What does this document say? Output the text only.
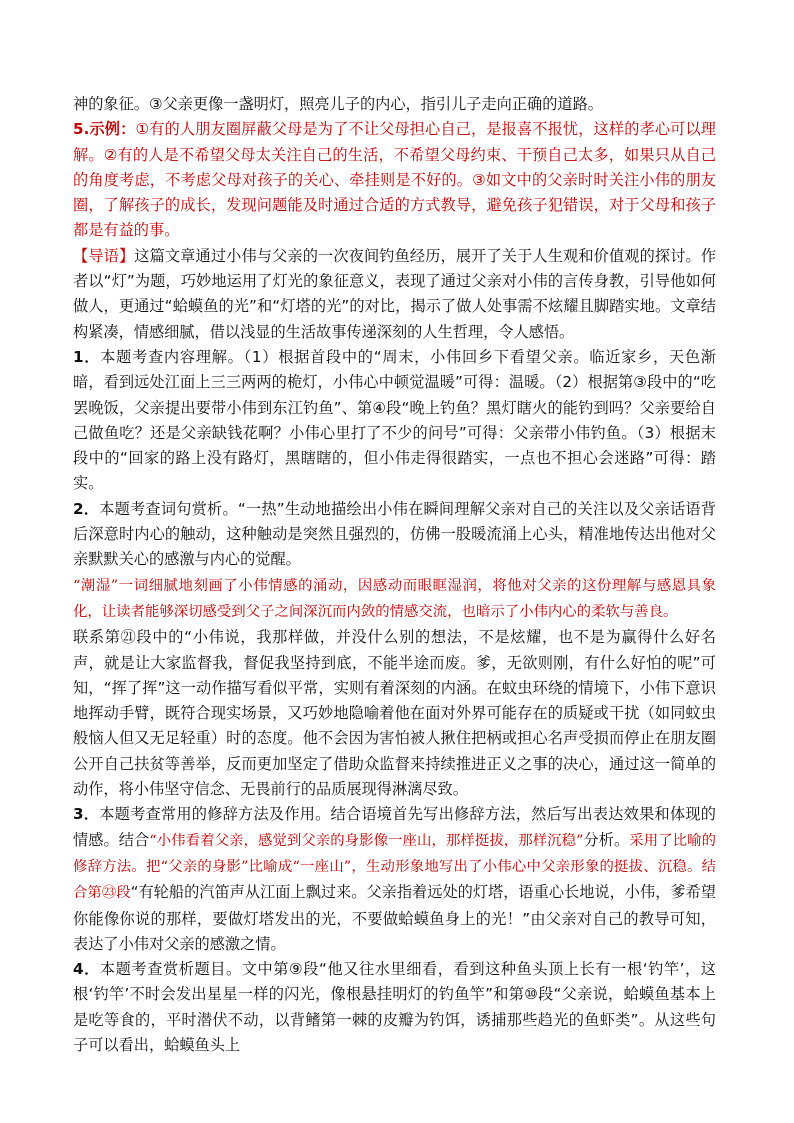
神的象征。③父亲更像一盏明灯，照亮儿子的内心，指引儿子走向正确的道路。

5.示例：①有的人朋友圈屏蔽父母是为了不让父母担心自己，是报喜不报忧，这样的孝心可以理解。②有的人是不希望父母太关注自己的生活，不希望父母约束、干预自己太多，如果只从自己的角度考虑，不考虑父母对孩子的关心、牵挂则是不好的。③如文中的父亲时时关注小伟的朋友圈，了解孩子的成长，发现问题能及时通过合适的方式教导，避免孩子犯错误，对于父母和孩子都是有益的事。

【导语】这篇文章通过小伟与父亲的一次夜间钓鱼经历，展开了关于人生观和价值观的探讨。作者以“灯”为题，巧妙地运用了灯光的象征意义，表现了通过父亲对小伟的言传身教，引导他如何做人，更通过“蛤蟆鱼的光”和“灯塔的光”的对比，揭示了做人处事需不炫耀且脚踏实地。文章结构紧凑，情感细腻，借以浅显的生活故事传递深刻的人生哲理，令人感悟。

1．本题考查内容理解。（1）根据首段中的“周末，小伟回乡下看望父亲。临近家乡，天色渐暗，看到远处江面上三三两两的桅灯，小伟心中顿觉温暖”可得：温暖。（2）根据第③段中的“吃罢晚饭，父亲提出要带小伟到东江钓鱼”、第④段“晚上钓鱼？黑灯瞎火的能钓到吗？父亲要给自己做鱼吃？还是父亲缺钱花啊？小伟心里打了不少的问号”可得：父亲带小伟钓鱼。（3）根据末段中的“回家的路上没有路灯，黑瞎瞎的，但小伟走得很踏实，一点也不担心会迷路”可得：踏实。

2．本题考查词句赏析。“一热”生动地描绘出小伟在瞬间理解父亲对自己的关注以及父亲话语背后深意时内心的触动，这种触动是突然且强烈的，仿佛一股暖流涌上心头，精准地传达出他对父亲默默关心的感激与内心的觉醒。

“潮湿”一词细腻地刻画了小伟情感的涌动，因感动而眼眶湿润，将他对父亲的这份理解与感恩具象化，让读者能够深切感受到父子之间深沉而内敛的情感交流，也暗示了小伟内心的柔软与善良。

联系第㉑段中的“小伟说，我那样做，并没什么别的想法，不是炫耀，也不是为赢得什么好名声，就是让大家监督我，督促我坚持到底，不能半途而废。爹，无欲则刚，有什么好怕的呢”可知，“挥了挥”这一动作描写看似平常，实则有着深刻的内涵。在蚊虫环绕的情境下，小伟下意识地挥动手臂，既符合现实场景，又巧妙地隐喻着他在面对外界可能存在的质疑或干扰（如同蚊虫般恼人但又无足轻重）时的态度。他不会因为害怕被人揪住把柄或担心名声受损而停止在朋友圈公开自己扶贫等善举，反而更加坚定了借助众监督来持续推进正义之事的决心，通过这一简单的动作，将小伟坚守信念、无畏前行的品质展现得淋漓尽致。

3．本题考查常用的修辞方法及作用。结合语境首先写出修辞方法，然后写出表达效果和体现的情感。结合“小伟看着父亲，感觉到父亲的身影像一座山，那样挺拔，那样沉稳”分析。采用了比喻的修辞方法。把“父亲的身影”比喻成“一座山”，生动形象地写出了小伟心中父亲形象的挺拔、沉稳。结合第㉓段“有轮船的汽笛声从江面上飘过来。父亲指着远处的灯塔，语重心长地说，小伟，爹希望你能像你说的那样，要做灯塔发出的光，不要做蛤蟆鱼身上的光！”由父亲对自己的教导可知，表达了小伟对父亲的感激之情。

4．本题考查赏析题目。文中第⑨段“他又往水里细看，看到这种鱼头顶上长有一根‘钓竿’，这根‘钓竿’不时会发出星星一样的闪光，像根悬挂明灯的钓鱼竿”和第⑩段“父亲说，蛤蟆鱼基本上是吃等食的，平时潜伏不动，以背鳍第一棘的皮瓣为钓饵，诱捕那些趋光的鱼虾类”。从这些句子可以看出，蛤蟆鱼头上
